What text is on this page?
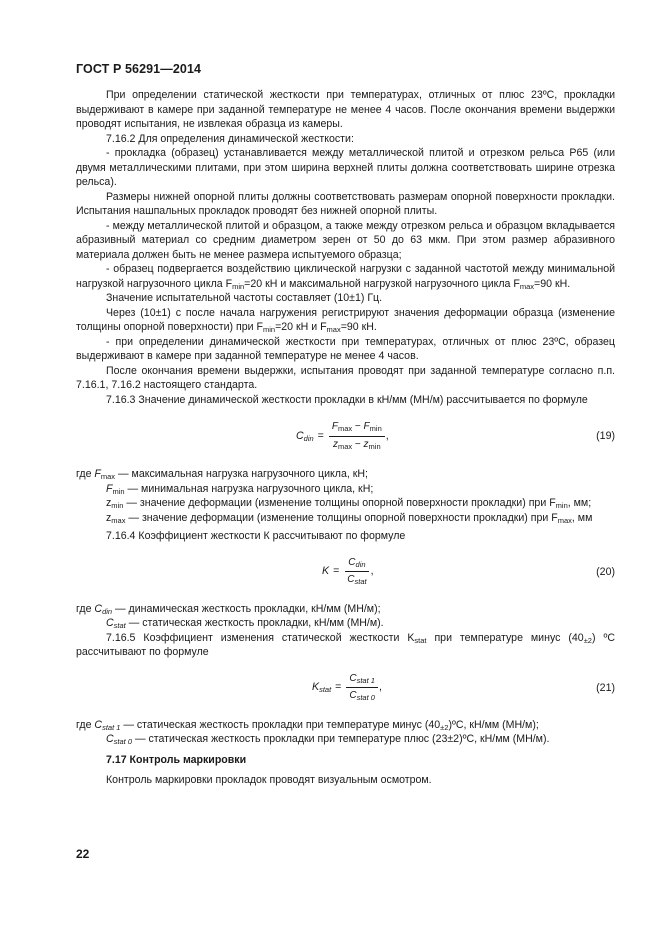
ГОСТ Р 56291—2014

При определении статической жесткости при температурах, отличных от плюс 23ºС, прокладки выдерживают в камере при заданной температуре не менее 4 часов. После окончания времени выдержки проводят испытания, не извлекая образца из камеры.

7.16.2 Для определения динамической жесткости:

- прокладка (образец) устанавливается между металлической плитой и отрезком рельса Р65 (или двумя металлическими плитами, при этом ширина верхней плиты должна соответствовать ширине отрезка рельса).

Размеры нижней опорной плиты должны соответствовать размерам опорной поверхности прокладки. Испытания нашпальных прокладок проводят без нижней опорной плиты.

- между металлической плитой и образцом, а также между отрезком рельса и образцом вкладывается абразивный материал со средним диаметром зерен от 50 до 63 мкм. При этом размер абразивного материала должен быть не менее размера испытуемого образца;

- образец подвергается воздействию циклической нагрузки с заданной частотой между минимальной нагрузкой нагрузочного цикла $F_{min}=20$ кН и максимальной нагрузкой нагрузочного цикла $F_{max}=90$ кН.

Значение испытательной частоты составляет (10±1) Гц.

Через (10±1) с после начала нагружения регистрируют значения деформации образца (изменение толщины опорной поверхности) при $F_{min}=20$ кН и $F_{max}=90$ кН.

- при определении динамической жесткости при температурах, отличных от плюс 23ºС, образец выдерживают в камере при заданной температуре не менее 4 часов.

После окончания времени выдержки, испытания проводят при заданной температуре согласно п.п. 7.16.1, 7.16.2 настоящего стандарта.

7.16.3 Значение динамической жесткости прокладки в кН/мм (МН/м) рассчитывается по формуле

$C_{din} = \frac{F_{max} - F_{min}}{z_{max} - z_{min}}$ ,	(19)

где $F_{max}$ — максимальная нагрузка нагрузочного цикла, кН;

$F_{min}$ — минимальная нагрузка нагрузочного цикла, кН;

$z_{min}$ — значение деформации (изменение толщины опорной поверхности прокладки) при $F_{min}$, мм;

$z_{max}$ — значение деформации (изменение толщины опорной поверхности прокладки) при $F_{max}$, мм

7.16.4 Коэффициент жесткости К рассчитывают по формуле

$K = \frac{C_{din}}{C_{stat}}$ ,	(20)

где $C_{din}$ — динамическая жесткость прокладки, кН/мм (МН/м);

$C_{stat}$ — статическая жесткость прокладки, кН/мм (МН/м).

7.16.5 Коэффициент изменения статической жесткости $K_{stat}$ при температуре минус $(40_{\pm 2})$ ºС рассчитывают по формуле

$K_{stat} = \frac{C_{stat 1}}{C_{stat 0}}$ ,	(21)

где $C_{stat 1}$ — статическая жесткость прокладки при температуре минус $(40_{\pm 2})ºС$, кН/мм (МН/м);

$C_{stat 0}$ — статическая жесткость прокладки при температуре плюс (23±2)ºС, кН/мм (МН/м).

7.17 Контроль маркировки

Контроль маркировки прокладок проводят визуальным осмотром.

22
